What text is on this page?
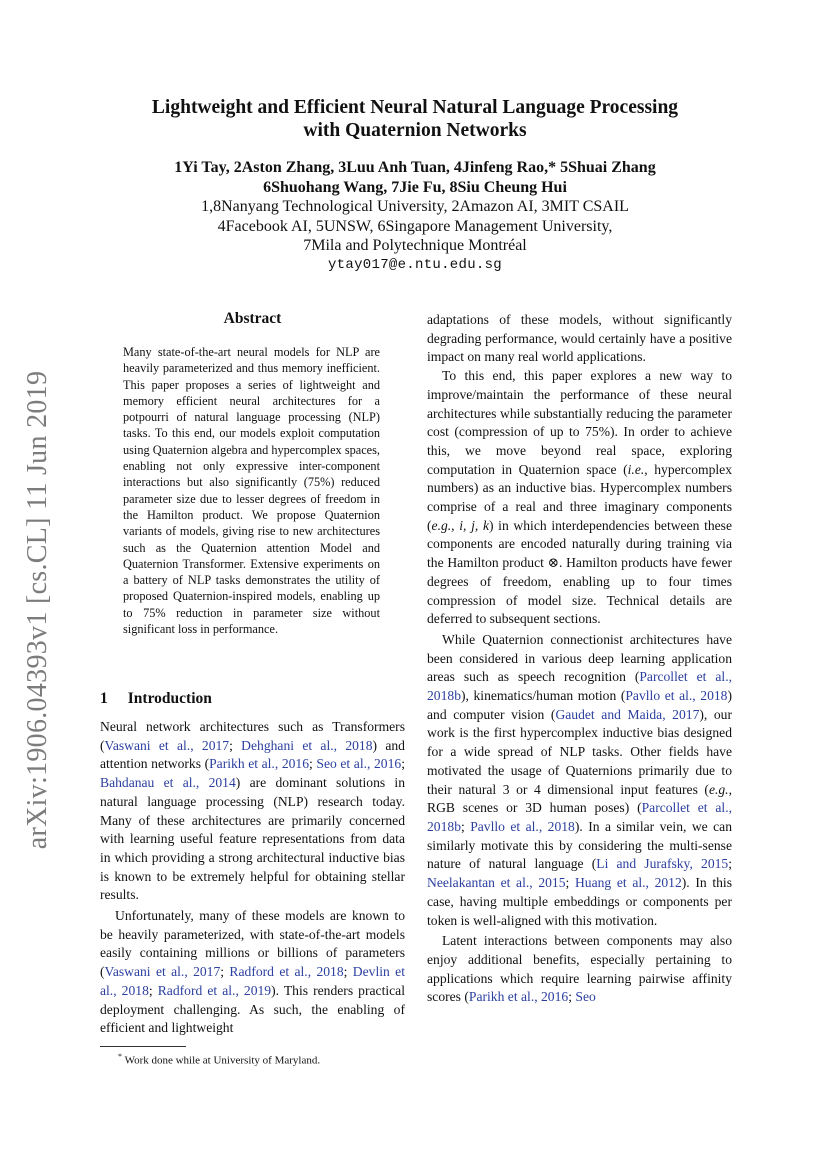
arXiv:1906.04393v1 [cs.CL] 11 Jun 2019
Lightweight and Efficient Neural Natural Language Processing
with Quaternion Networks
1Yi Tay, 2Aston Zhang, 3Luu Anh Tuan, 4Jinfeng Rao,* 5Shuai Zhang
6Shuohang Wang, 7Jie Fu, 8Siu Cheung Hui
1,8Nanyang Technological University, 2Amazon AI, 3MIT CSAIL
4Facebook AI, 5UNSW, 6Singapore Management University,
7Mila and Polytechnique Montréal
ytay017@e.ntu.edu.sg
Abstract

Many state-of-the-art neural models for NLP are heavily parameterized and thus memory inefficient. This paper proposes a series of lightweight and memory efficient neural architectures for a potpourri of natural language processing (NLP) tasks. To this end, our models exploit computation using Quaternion algebra and hypercomplex spaces, enabling not only expressive inter-component interactions but also significantly (75%) reduced parameter size due to lesser degrees of freedom in the Hamilton product. We propose Quaternion variants of models, giving rise to new architectures such as the Quaternion attention Model and Quaternion Transformer. Extensive experiments on a battery of NLP tasks demonstrates the utility of proposed Quaternion-inspired models, enabling up to 75% reduction in parameter size without significant loss in performance.

1 Introduction

Neural network architectures such as Transformers (Vaswani et al., 2017; Dehghani et al., 2018) and attention networks (Parikh et al., 2016; Seo et al., 2016; Bahdanau et al., 2014) are dominant solutions in natural language processing (NLP) research today. Many of these architectures are primarily concerned with learning useful feature representations from data in which providing a strong architectural inductive bias is known to be extremely helpful for obtaining stellar results.

Unfortunately, many of these models are known to be heavily parameterized, with state-of-the-art models easily containing millions or billions of parameters (Vaswani et al., 2017; Radford et al., 2018; Devlin et al., 2018; Radford et al., 2019). This renders practical deployment challenging. As such, the enabling of efficient and lightweight

adaptations of these models, without significantly degrading performance, would certainly have a positive impact on many real world applications.

To this end, this paper explores a new way to improve/maintain the performance of these neural architectures while substantially reducing the parameter cost (compression of up to 75%). In order to achieve this, we move beyond real space, exploring computation in Quaternion space (i.e., hypercomplex numbers) as an inductive bias. Hypercomplex numbers comprise of a real and three imaginary components (e.g., i, j, k) in which interdependencies between these components are encoded naturally during training via the Hamilton product ⊗. Hamilton products have fewer degrees of freedom, enabling up to four times compression of model size. Technical details are deferred to subsequent sections.

While Quaternion connectionist architectures have been considered in various deep learning application areas such as speech recognition (Parcollet et al., 2018b), kinematics/human motion (Pavllo et al., 2018) and computer vision (Gaudet and Maida, 2017), our work is the first hypercomplex inductive bias designed for a wide spread of NLP tasks. Other fields have motivated the usage of Quaternions primarily due to their natural 3 or 4 dimensional input features (e.g., RGB scenes or 3D human poses) (Parcollet et al., 2018b; Pavllo et al., 2018). In a similar vein, we can similarly motivate this by considering the multi-sense nature of natural language (Li and Jurafsky, 2015; Neelakantan et al., 2015; Huang et al., 2012). In this case, having multiple embeddings or components per token is well-aligned with this motivation.

Latent interactions between components may also enjoy additional benefits, especially pertaining to applications which require learning pairwise affinity scores (Parikh et al., 2016; Seo

* Work done while at University of Maryland.
